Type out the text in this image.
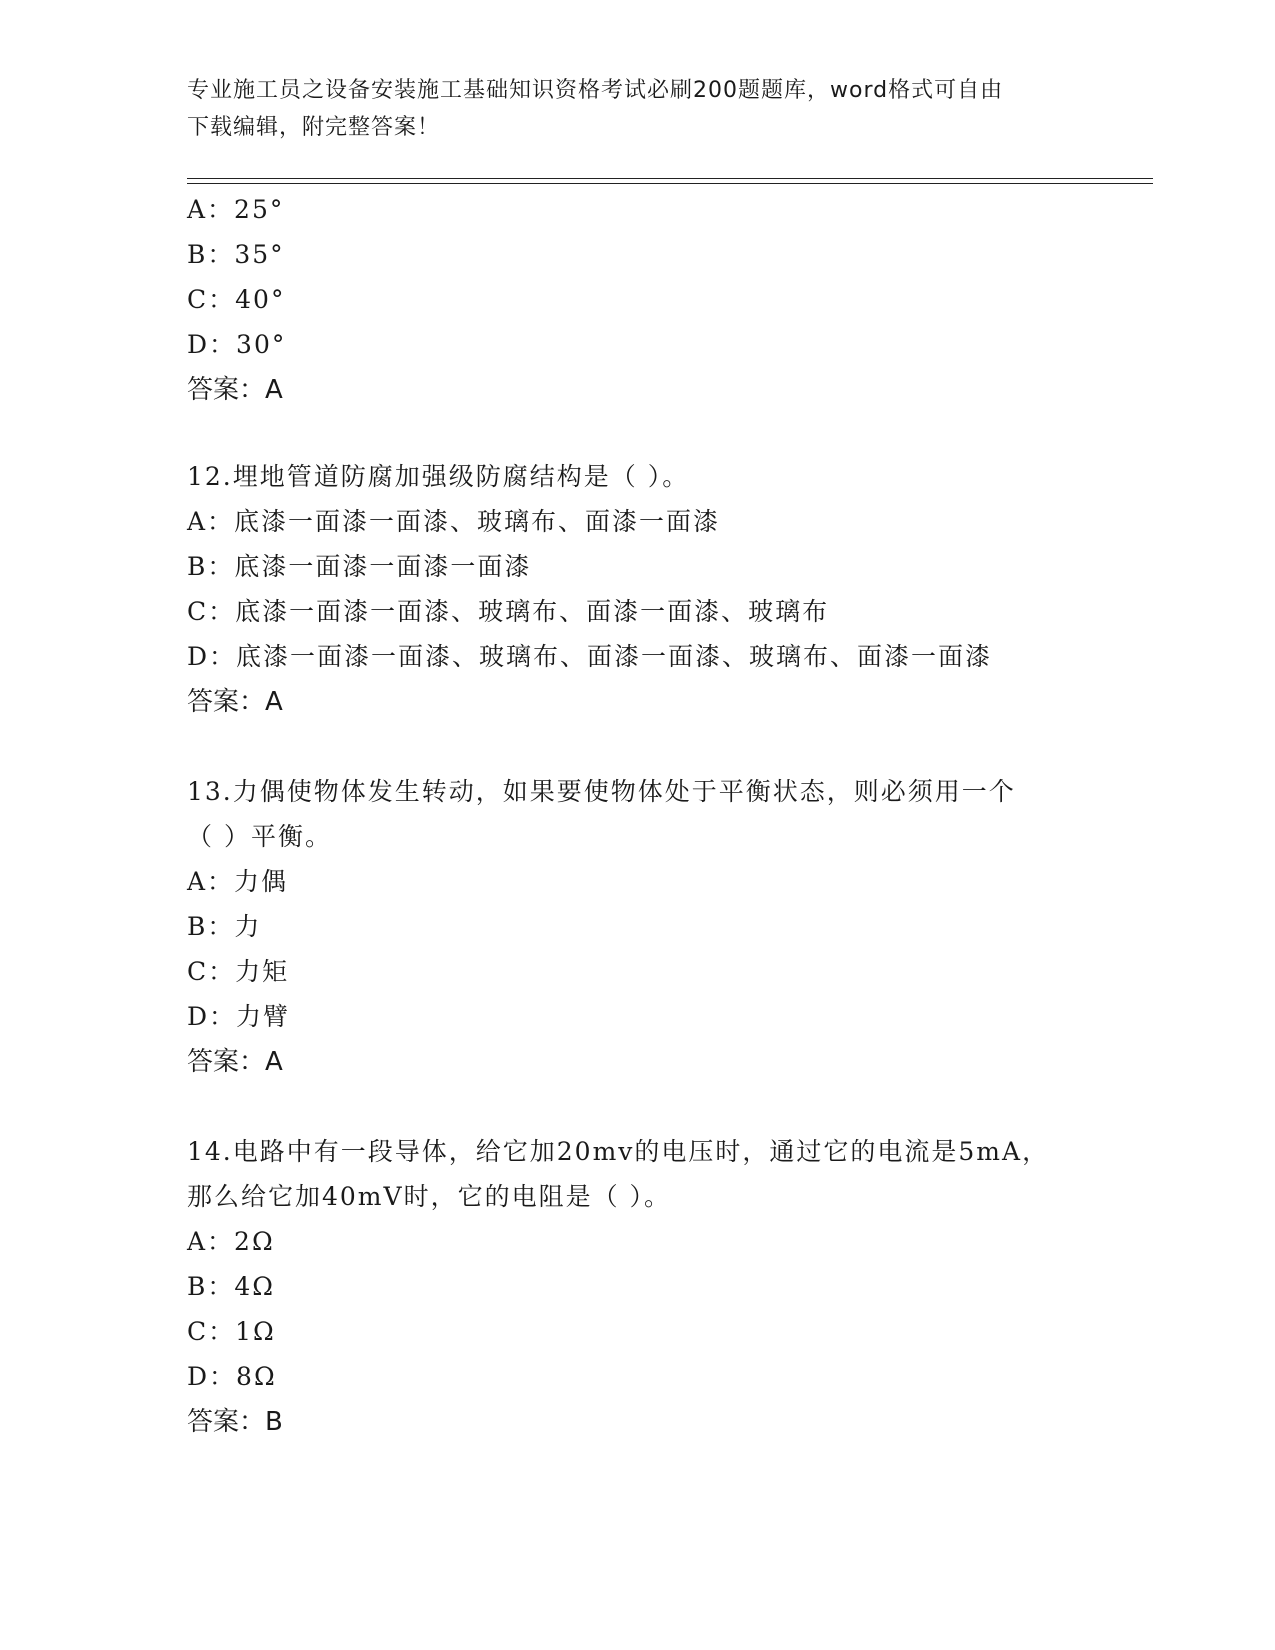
专业施工员之设备安装施工基础知识资格考试必刷200题题库，word格式可自由
下载编辑，附完整答案！
A：25°
B：35°
C：40°
D：30°
答案：A
12.埋地管道防腐加强级防腐结构是（ ）。
A：底漆一面漆一面漆、玻璃布、面漆一面漆
B：底漆一面漆一面漆一面漆
C：底漆一面漆一面漆、玻璃布、面漆一面漆、玻璃布
D：底漆一面漆一面漆、玻璃布、面漆一面漆、玻璃布、面漆一面漆
答案：A
13.力偶使物体发生转动，如果要使物体处于平衡状态，则必须用一个
（ ）平衡。
A：力偶
B：力
C：力矩
D：力臂
答案：A
14.电路中有一段导体，给它加20mv的电压时，通过它的电流是5mA，
那么给它加40mV时，它的电阻是（ ）。
A：2Ω
B：4Ω
C：1Ω
D：8Ω
答案：B
